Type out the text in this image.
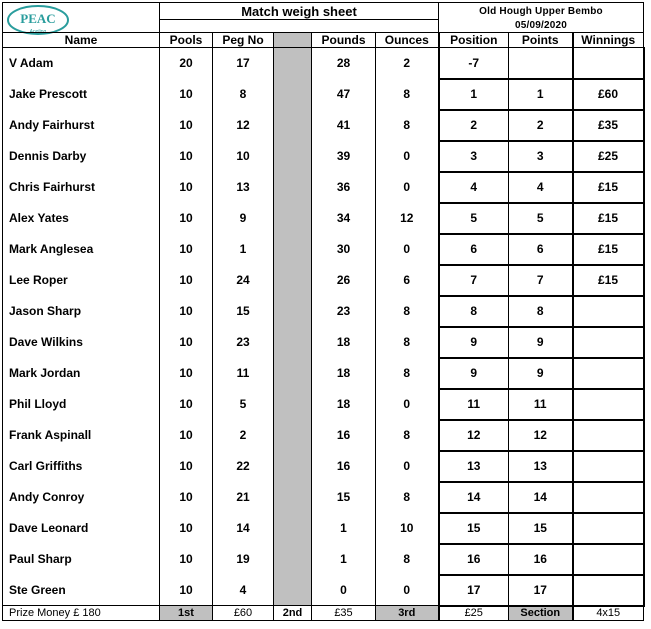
PEAC
Angling
	Match weigh sheet					Old Hough Upper Bembo		
						05/09/2020		
Name	Pools	Peg No		Pounds	Ounces	Position	Points	Winnings
V Adam	20	17		28	2	-7		
Jake Prescott	10	8		47	8	1	1	£60
Andy Fairhurst	10	12		41	8	2	2	£35
Dennis Darby	10	10		39	0	3	3	£25
Chris Fairhurst	10	13		36	0	4	4	£15
Alex Yates	10	9		34	12	5	5	£15
Mark Anglesea	10	1		30	0	6	6	£15
Lee Roper	10	24		26	6	7	7	£15
Jason Sharp	10	15		23	8	8	8	
Dave Wilkins	10	23		18	8	9	9	
Mark Jordan	10	11		18	8	9	9	
Phil Lloyd	10	5		18	0	11	11	
Frank Aspinall	10	2		16	8	12	12	
Carl Griffiths	10	22		16	0	13	13	
Andy Conroy	10	21		15	8	14	14	
Dave Leonard	10	14		1	10	15	15	
Paul Sharp	10	19		1	8	16	16	
Ste Green	10	4		0	0	17	17	
Prize Money £ 180	1st	£60	2nd	£35	3rd	£25	Section	4x15
